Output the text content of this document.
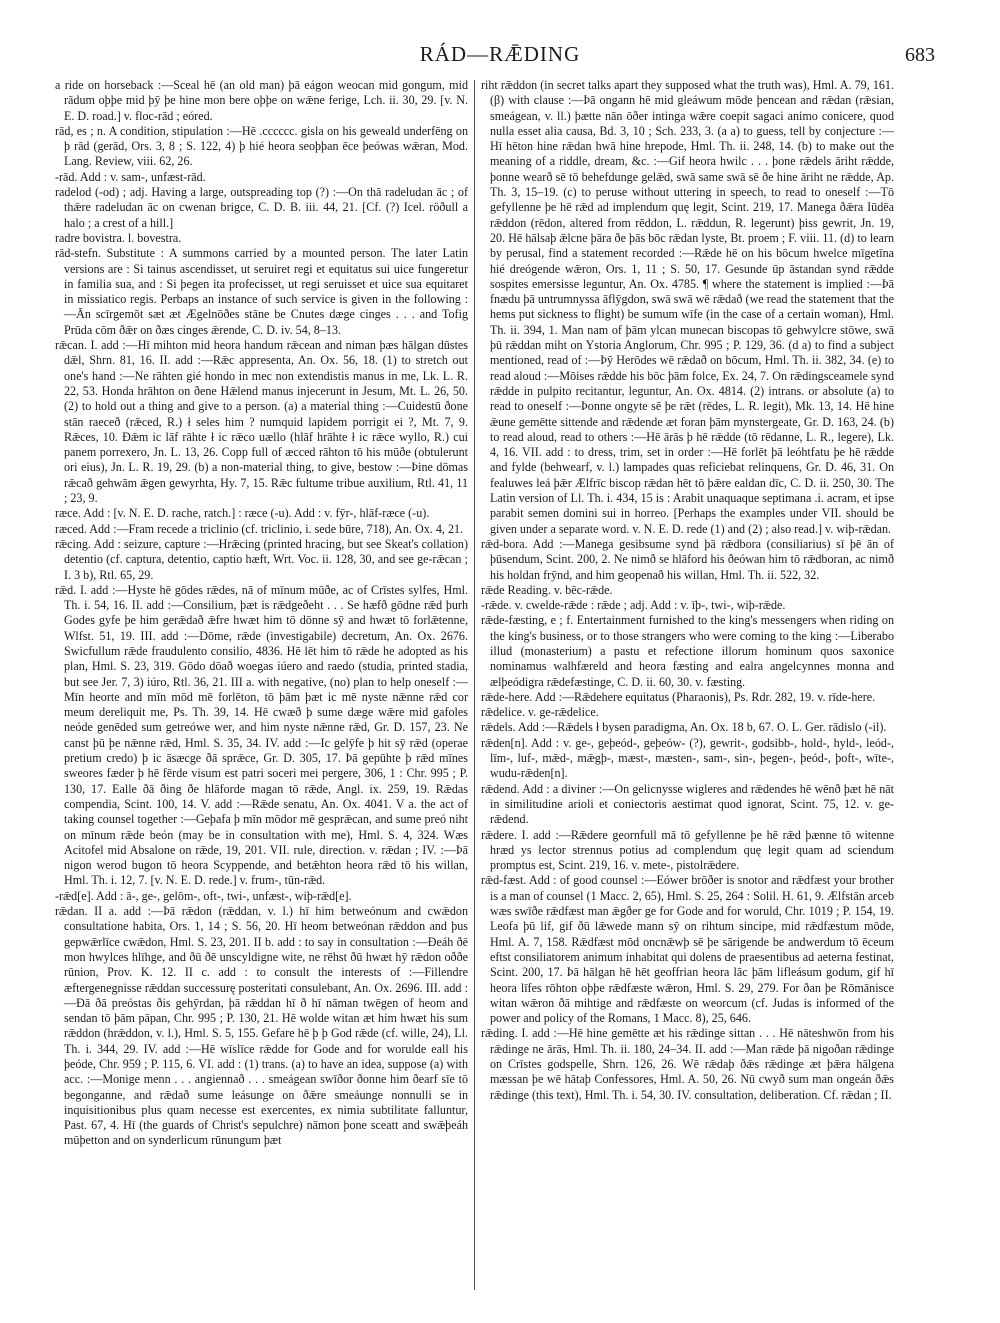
RÁD—RǢDING	683

a ride on horseback :—Sceal hē (an old man) þā eágon weocan mid gongum, mid rādum oþþe mid þȳ þe hine mon bere oþþe on wǣne ferige, Lch. ii. 30, 29. [v. N. E. D. road.] v. floc-rād ; eóred.

rād, es ; n. A condition, stipulation :—Hē .cccccc. gisla on his geweald underfēng on þ rād (gerād, Ors. 3, 8 ; S. 122, 4) þ hié heora seoþþan ēce þeówas wǣran, Mod. Lang. Review, viii. 62, 26.

-rād. Add : v. sam-, unfæst-rād.

radelod (-od) ; adj. Having a large, outspreading top (?) :—On thā radeludan āc ; of thǣre radeludan āc on cwenan brigce, C. D. B. iii. 44, 21. [Cf. (?) Icel. röðull a halo ; a crest of a hill.]

radre bovistra. l. bovestra.

rād-stefn. Substitute : A summons carried by a mounted person. The later Latin versions are : Si tainus ascendisset, ut seruiret regi et equitatus sui uice fungeretur in familia sua, and : Si þegen ita profecisset, ut regi seruisset et uice sua equitaret in missiatico regis. Perbaps an instance of such service is given in the following :—Ān scīrgemōt sæt æt Ægelnōðes stāne be Cnutes dæge cinges . . . and Tofig Prūda cōm ðǣr on ðæs cinges ǣrende, C. D. iv. 54, 8–13.

rǣcan. I. add :—Hī mihton mid heora handum rǣcean and niman þæs hālgan dūstes dǣl, Shrn. 81, 16. II. add :—Rǣc appresenta, An. Ox. 56, 18. (1) to stretch out one's hand :—Ne rāhten gié hondo in mec non extendistis manus in me, Lk. L. R. 22, 53. Honda hrāhton on ðene Hǣlend manus injecerunt in Jesum, Mt. L. 26, 50. (2) to hold out a thing and give to a person. (a) a material thing :—Cuidestū ðone stān raeceð (rǣced, R.) ł seles him ? numquid lapidem porrigit ei ?, Mt. 7, 9. Rǣces, 10. Ðǣm ic lāf rāhte ł ic rǣco uællo (hlāf hrāhte ł ic rǣce wyllo, R.) cui panem porrexero, Jn. L. 13, 26. Copp full of æcced rāhton tō his mūðe (obtulerunt ori eius), Jn. L. R. 19, 29. (b) a non-material thing, to give, bestow :—Þine dōmas rǣcað gehwām ǣgen gewyrhta, Hy. 7, 15. Rǣc fultume tribue auxilium, Rtl. 41, 11 ; 23, 9.

ræce. Add : [v. N. E. D. rache, ratch.] : ræce (-u). Add : v. fȳr-, hlāf-ræce (-u).

ræced. Add :—Fram recede a triclinio (cf. triclinio, i. sede būre, 718), An. Ox. 4, 21.

rǣcing. Add : seizure, capture :—Hrǣcing (printed hracing, but see Skeat's collation) detentio (cf. captura, detentio, captio hæft, Wrt. Voc. ii. 128, 30, and see ge-rǣcan ; I. 3 b), Rtl. 65, 29.

rǣd. I. add :—Hyste hē gōdes rǣdes, nā of mīnum mūðe, ac of Crīstes sylfes, Hml. Th. i. 54, 16. II. add :—Consilium, þæt is rǣdgeðeht . . . Se hæfð gōdne rǣd þurh Godes gyfe þe him gerǣdað ǣfre hwæt him tō dōnne sȳ and hwæt tō forlǣtenne, Wlfst. 51, 19. III. add :—Dōme, rǣde (investigabile) decretum, An. Ox. 2676. Swicfullum rǣde fraudulento consilio, 4836. Hē lēt him tō rǣde he adopted as his plan, Hml. S. 23, 319. Gōdo dōað woegas iúero and raedo (studia, printed stadia, but see Jer. 7, 3) iúro, Rtl. 36, 21. III a. with negative, (no) plan to help oneself :—Mīn heorte and mīn mōd mē forlēton, tō þām þæt ic mē nyste nǣnne rǣd cor meum dereliquit me, Ps. Th. 39, 14. Hē cwæð þ sume dæge wǣre mid gafoles neóde genēded sum getreówe wer, and him nyste nǣnne rǣd, Gr. D. 157, 23. Ne canst þū þe nǣnne rǣd, Hml. S. 35, 34. IV. add :—Ic gelȳfe þ hit sȳ rǣd (operae pretium credo) þ ic āsæcge ðā sprǣce, Gr. D. 305, 17. Þā gepūhte þ rǣd mīnes sweores fæder þ hē fērde visum est patri soceri mei pergere, 306, 1 : Chr. 995 ; P. 130, 17. Ealle ðā ðing ðe hlāforde magan tō rǣde, Angl. ix. 259, 19. Rǣdas compendia, Scint. 100, 14. V. add :—Rǣde senatu, An. Ox. 4041. V a. the act of taking counsel together :—Geþafa þ mīn mōdor mē gesprǣcan, and sume preó niht on mīnum rǣde beón (may be in consultation with me), Hml. S. 4, 324. Wæs Acitofel mid Absalone on rǣde, 19, 201. VII. rule, direction. v. rǣdan ; IV. :—Þā nigon werod bugon tō heora Scyppende, and betǣhton heora rǣd tō his willan, Hml. Th. i. 12, 7. [v. N. E. D. rede.] v. frum-, tūn-rǣd.

-rǣd[e]. Add : ā-, ge-, gelōm-, oft-, twi-, unfæst-, wiþ-rǣd[e].

rǣdan. II a. add :—Þā rǣdon (rǣddan, v. l.) hī him betweónum and cwǣdon consultatione habita, Ors. 1, 14 ; S. 56, 20. Hī heom betweónan rǣddon and þus gepwǣrlīce cwǣdon, Hml. S. 23, 201. II b. add : to say in consultation :—Ðeáh ðē mon hwylces hlīhge, and ðū ðē unscyldigne wite, ne rēhst ðū hwæt hȳ rǣdon oððe rūnion, Prov. K. 12. II c. add : to consult the interests of :—Fillendre æftergenegnisse rǣddan successurę posteritati consulebant, An. Ox. 2696. III. add :—Ðā ðā preóstas ðis gehȳrdan, þā rǣddan hī ð hī nāman twēgen of heom and sendan tō þām pāpan, Chr. 995 ; P. 130, 21. Hē wolde witan æt him hwæt his sum rǣddon (hrǣddon, v. l.), Hml. S. 5, 155. Gefare hē þ þ God rǣde (cf. wille, 24), Ll. Th. i. 344, 29. IV. add :—Hē wīslīce rǣdde for Gode and for worulde eall his þeóde, Chr. 959 ; P. 115, 6. VI. add : (1) trans. (a) to have an idea, suppose (a) with acc. :—Monige menn . . . angiennað . . . smeágean swīðor ðonne him ðearf sīe tō begonganne, and rǣdað sume leásunge on ðǣre smeáunge nonnulli se in inquisitionibus plus quam necesse est exercentes, ex nimia subtilitate falluntur, Past. 67, 4. Hī (the guards of Christ's sepulchre) nāmon þone sceatt and swǣþeáh mūþetton and on synderlicum rūnungum þæt

riht rǣddon (in secret talks apart they supposed what the truth was), Hml. A. 79, 161. (β) with clause :—Þā ongann hē mid gleáwum mōde þencean and rǣdan (rǣsian, smeágean, v. ll.) þætte nān ōðer intinga wǣre coepit sagaci animo conicere, quod nulla esset alia causa, Bd. 3, 10 ; Sch. 233, 3. (a a) to guess, tell by conjecture :—Hī hēton hine rǣdan hwā hine hrepode, Hml. Th. ii. 248, 14. (b) to make out the meaning of a riddle, dream, &c. :—Gif heora hwilc . . . þone rǣdels āriht rǣdde, þonne wearð sē tō behefdunge gelǣd, swā same swā sē ðe hine āriht ne rǣdde, Ap. Th. 3, 15–19. (c) to peruse without uttering in speech, to read to oneself :—Tō gefyllenne þe hē rǣd ad implendum quę legit, Scint. 219, 17. Manega ðǣra Iūdēa rǣddon (rēdon, altered from rēddon, L. rǣddun, R. legerunt) þiss gewrit, Jn. 19, 20. Hē hālsaþ ǣlcne þāra ðe þās bōc rǣdan lyste, Bt. proem ; F. viii. 11. (d) to learn by perusal, find a statement recorded :—Rǣde hē on his bōcum hwelce mīgetīna hié dreógende wǣron, Ors. 1, 11 ; S. 50, 17. Gesunde ūp āstandan synd rǣdde sospites emersisse leguntur, An. Ox. 4785. ¶ where the statement is implied :—Þā fnædu þā untrumnyssa āflȳgdon, swā swā wē rǣdað (we read the statement that the hems put sickness to flight) be sumum wīfe (in the case of a certain woman), Hml. Th. ii. 394, 1. Man nam of þām ylcan munecan biscopas tō gehwylcre stōwe, swā þū rǣddan miht on Ystoria Anglorum, Chr. 995 ; P. 129, 36. (d a) to find a subject mentioned, read of :—Þȳ Herōdes wē rǣdað on bōcum, Hml. Th. ii. 382, 34. (e) to read aloud :—Mōises rǣdde his bōc þām folce, Ex. 24, 7. On rǣdingsceamele synd rǣdde in pulpito recitantur, leguntur, An. Ox. 4814. (2) intrans. or absolute (a) to read to oneself :—Þonne ongyte sē þe rǣt (rēdes, L. R. legit), Mk. 13, 14. Hē hine ǣune gemētte sittende and rǣdende æt foran þām mynstergeate, Gr. D. 163, 24. (b) to read aloud, read to others :—Hē ārās þ hē rǣdde (tō rēdanne, L. R., legere), Lk. 4, 16. VII. add : to dress, trim, set in order :—Hē forlēt þā leóhtfatu þe hē rǣdde and fylde (behwearf, v. l.) lampades quas reficiebat relinquens, Gr. D. 46, 31. On fealuwes leá þǣr Ælfrīc biscop rǣdan hēt tō þǣre ealdan dīc, C. D. ii. 250, 30. The Latin version of Ll. Th. i. 434, 15 is : Arabit unaquaque septimana .i. acram, et ipse parabit semen domini sui in horreo. [Perhaps the examples under VII. should be given under a separate word. v. N. E. D. rede (1) and (2) ; also read.] v. wiþ-rǣdan.

rǣd-bora. Add :—Manega gesibsume synd þā rǣdbora (consiliarius) sī þē ān of þūsendum, Scint. 200, 2. Ne nimð se hlāford his ðeówan him tō rǣdboran, ac nimð his holdan frȳnd, and him geopenað his willan, Hml. Th. ii. 522, 32.

rǣde Reading. v. bēc-rǣde.

-rǣde. v. cwelde-rǣde : rǣde ; adj. Add : v. īþ-, twi-, wiþ-rǣde.

rǣde-fæsting, e ; f. Entertainment furnished to the king's messengers when riding on the king's business, or to those strangers who were coming to the king :—Liberabo illud (monasterium) a pastu et refectione illorum hominum quos saxonice nominamus walhfæreld and heora fæsting and ealra angelcynnes monna and ælþeódigra rǣdefæstinge, C. D. ii. 60, 30. v. fæsting.

rǣde-here. Add :—Rǣdehere equitatus (Pharaonis), Ps. Rdr. 282, 19. v. rīde-here.

rǣdelice. v. ge-rǣdelice.

rǣdels. Add :—Rǣdels ł bysen paradigma, An. Ox. 18 b, 67. O. L. Ger. rādislo (-il).

rǣden[n]. Add : v. ge-, geþeód-, geþeów- (?), gewrit-, godsibb-, hold-, hyld-, leód-, līm-, luf-, mǣd-, mǣgþ-, mæst-, mæsten-, sam-, sin-, þegen-, þeód-, þoft-, wīte-, wudu-rǣden[n].

rǣdend. Add : a diviner :—On gelicnysse wigleres and rǣdendes hē wēnð þæt hē nāt in similitudine arioli et coniectoris aestimat quod ignorat, Scint. 75, 12. v. ge-rǣdend.

rǣdere. I. add :—Rǣdere geornfull mā tō gefyllenne þe hē rǣd þænne tō witenne hræd ys lector strennus potius ad complendum quę legit quam ad sciendum promptus est, Scint. 219, 16. v. mete-, pistolrǣdere.

rǣd-fæst. Add : of good counsel :—Eówer brōðer is snotor and rǣdfæst your brother is a man of counsel (1 Macc. 2, 65), Hml. S. 25, 264 : Solil. H. 61, 9. Ælfstān arceb wæs swīðe rǣdfæst man ǣgðer ge for Gode and for woruld, Chr. 1019 ; P. 154, 19. Leofa þū lif, gif ðū lǣwede mann sȳ on rihtum sincipe, mid rǣdfæstum mōde, Hml. A. 7, 158. Rǣdfæst mōd oncnǣwþ sē þe sārigende be andwerdum tō ēceum eftst consiliatorem animum inhabitat qui dolens de praesentibus ad aeterna festinat, Scint. 200, 17. Þā hālgan hē hēt geoffrian heora lāc þām lifleásum godum, gif hī heora līfes rōhton oþþe rǣdfæste wǣron, Hml. S. 29, 279. For ðan þe Rōmānisce witan wǣron ðā mihtige and rǣdfæste on weorcum (cf. Judas is informed of the power and policy of the Romans, 1 Macc. 8), 25, 646.

rǣding. I. add :—Hē hine gemētte æt his rǣdinge sittan . . . Hē nāteshwōn from his rǣdinge ne ārās, Hml. Th. ii. 180, 24–34. II. add :—Man rǣde þā nigoðan rǣdinge on Crīstes godspelle, Shrn. 126, 26. Wē rǣdaþ ðǣs rǣdinge æt þǣra hālgena mæssan þe wē hātaþ Confessores, Hml. A. 50, 26. Nū cwyð sum man ongeán ðǣs rǣdinge (this text), Hml. Th. i. 54, 30. IV. consultation, deliberation. Cf. rǣdan ; II.
